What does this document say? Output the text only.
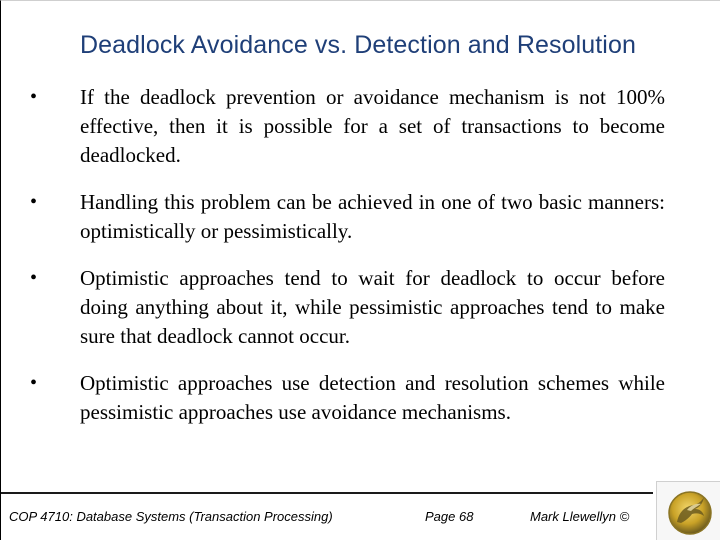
Deadlock Avoidance vs. Detection and Resolution
• If the deadlock prevention or avoidance mechanism is not 100% effective, then it is possible for a set of transactions to become deadlocked.
• Handling this problem can be achieved in one of two basic manners: optimistically or pessimistically.
• Optimistic approaches tend to wait for deadlock to occur before doing anything about it, while pessimistic approaches tend to make sure that deadlock cannot occur.
• Optimistic approaches use detection and resolution schemes while pessimistic approaches use avoidance mechanisms.
COP 4710: Database Systems (Transaction Processing)	Page 68	Mark Llewellyn ©
